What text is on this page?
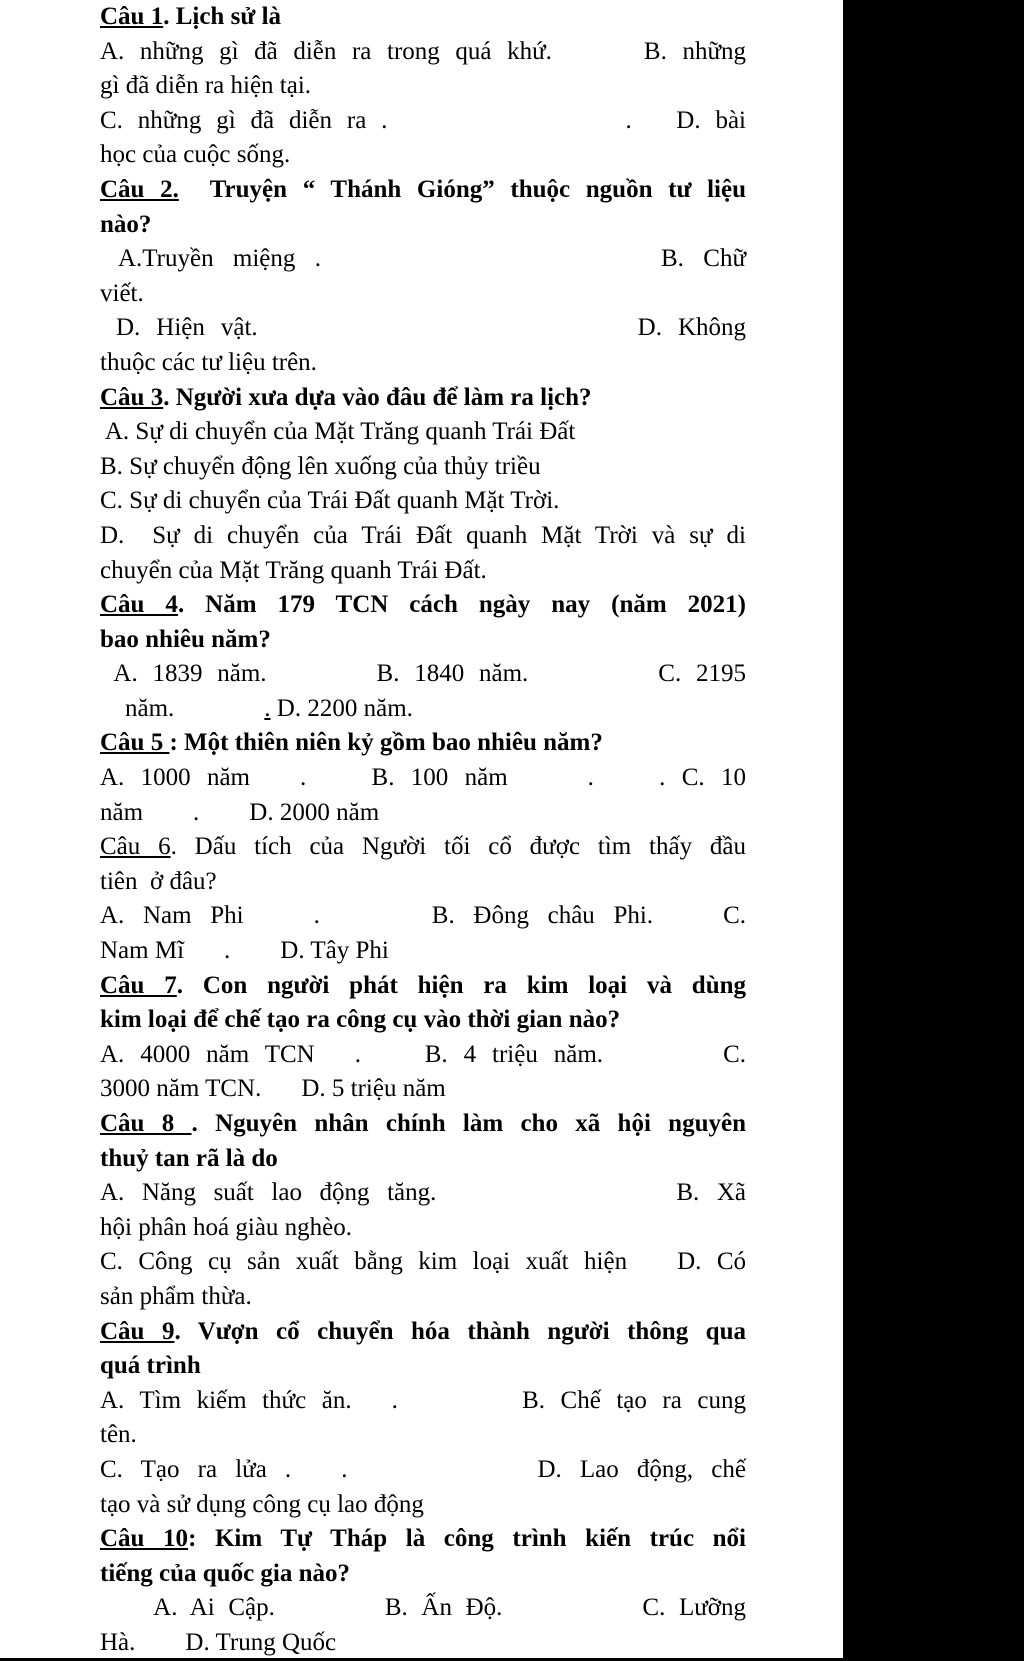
Câu 1. Lịch sử là
A. những gì đã diễn ra trong quá khứ.	B. những
gì đã diễn ra hiện tại.
C. những gì đã diễn ra .	.   D. bài
học của cuộc sống.
Câu 2.  Truyện “ Thánh Gióng” thuộc nguồn tư liệu
nào?
A.Truyền miệng .	B. Chữ
viết.
D. Hiện vật.	D. Không
thuộc các tư liệu trên.
Câu 3. Người xưa dựa vào đâu để làm ra lịch?
A. Sự di chuyển của Mặt Trăng quanh Trái Đất
B. Sự chuyển động lên xuống của thủy triều
C. Sự di chuyển của Trái Đất quanh Mặt Trời.
D.  Sự di chuyển của Trái Đất quanh Mặt Trời và sự di
chuyển của Mặt Trăng quanh Trái Đất.
Câu 4. Năm 179 TCN cách ngày nay (năm 2021)
bao nhiêu năm?
A. 1839 năm.	B. 1840 năm.	C. 2195
năm.	. D. 2200 năm.
Câu 5 : Một thiên niên kỷ gồm bao nhiêu năm?
A. 1000 năm .    B. 100 năm	.    . C. 10
năm .        D. 2000 năm
Câu 6. Dấu tích của Người tối cổ được tìm thấy đầu
tiên  ở đâu?
A. Nam Phi	.      B. Đông châu Phi.	C.
Nam Mĩ .        D. Tây Phi
Câu 7. Con người phát hiện ra kim loại và dùng
kim loại để chế tạo ra công cụ vào thời gian nào?
A. 4000 năm TCN .    B. 4 triệu năm.	C.
3000 năm TCN. D. 5 triệu năm
Câu 8 . Nguyên nhân chính làm cho xã hội nguyên
thuỷ tan rã là do
A. Năng suất lao động tăng.	B. Xã
hội phân hoá giàu nghèo.
C. Công cụ sản xuất bằng kim loại xuất hiện D. Có
sản phẩm thừa.
Câu 9. Vượn cổ chuyển hóa thành người thông qua
quá trình
A. Tìm kiếm thức ăn. .        B. Chế tạo ra cung
tên.
C. Tạo ra lửa . .	D. Lao động, chế
tạo và sử dụng công cụ lao động
Câu 10: Kim Tự Tháp là công trình kiến trúc nổi
tiếng của quốc gia nào?
A. Ai Cập.	B. Ấn Độ.	C. Lưỡng
Hà. D. Trung Quốc
